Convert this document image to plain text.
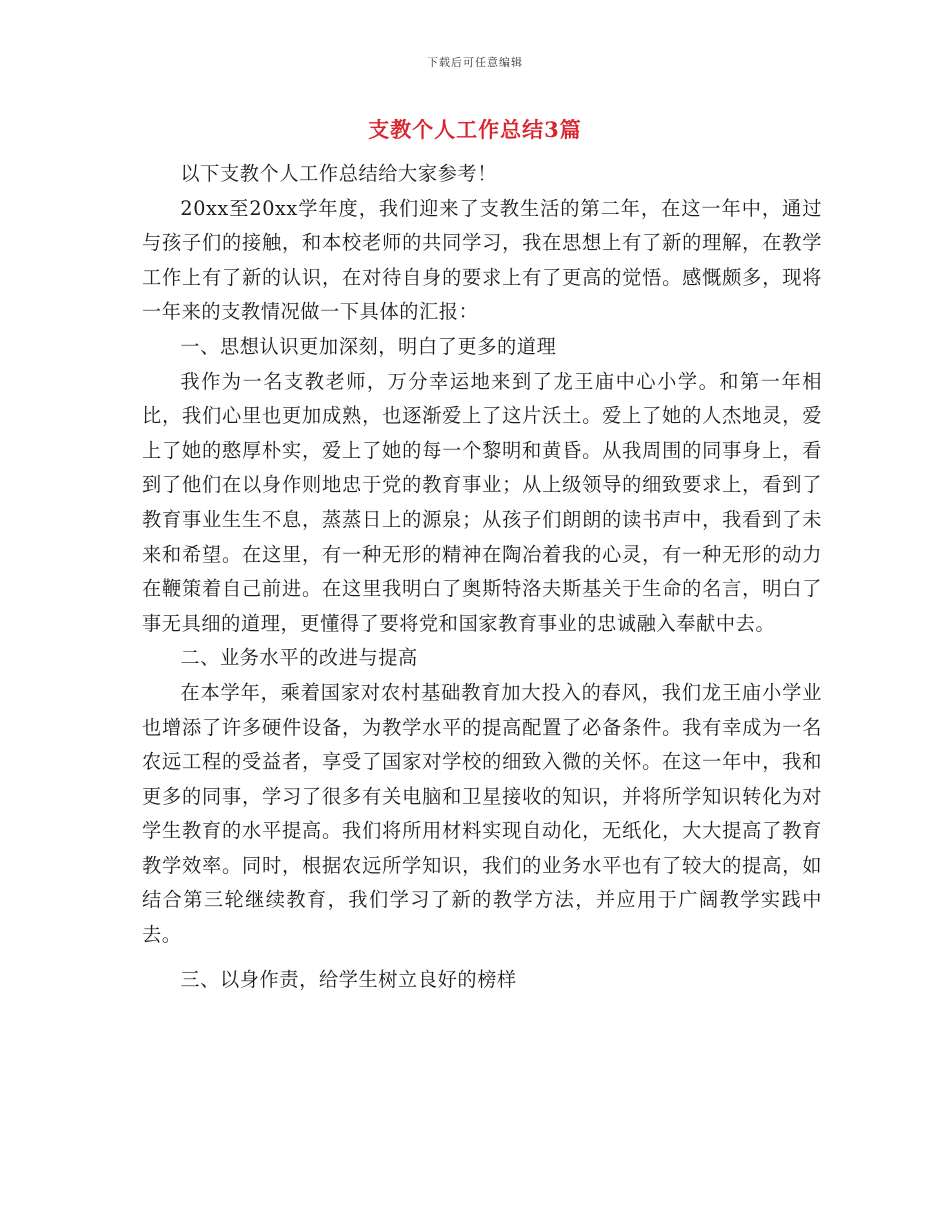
下载后可任意编辑
支教个人工作总结3篇

以下支教个人工作总结给大家参考！

20xx至20xx学年度，我们迎来了支教生活的第二年，在这一年中，通过与孩子们的接触，和本校老师的共同学习，我在思想上有了新的理解，在教学工作上有了新的认识，在对待自身的要求上有了更高的觉悟。感慨颇多，现将一年来的支教情况做一下具体的汇报：

一、思想认识更加深刻，明白了更多的道理

我作为一名支教老师，万分幸运地来到了龙王庙中心小学。和第一年相比，我们心里也更加成熟，也逐渐爱上了这片沃土。爱上了她的人杰地灵，爱上了她的憨厚朴实，爱上了她的每一个黎明和黄昏。从我周围的同事身上，看到了他们在以身作则地忠于党的教育事业；从上级领导的细致要求上，看到了教育事业生生不息，蒸蒸日上的源泉；从孩子们朗朗的读书声中，我看到了未来和希望。在这里，有一种无形的精神在陶冶着我的心灵，有一种无形的动力在鞭策着自己前进。在这里我明白了奥斯特洛夫斯基关于生命的名言，明白了事无具细的道理，更懂得了要将党和国家教育事业的忠诚融入奉献中去。

二、业务水平的改进与提高

在本学年，乘着国家对农村基础教育加大投入的春风，我们龙王庙小学业也增添了许多硬件设备，为教学水平的提高配置了必备条件。我有幸成为一名农远工程的受益者，享受了国家对学校的细致入微的关怀。在这一年中，我和更多的同事，学习了很多有关电脑和卫星接收的知识，并将所学知识转化为对学生教育的水平提高。我们将所用材料实现自动化，无纸化，大大提高了教育教学效率。同时，根据农远所学知识，我们的业务水平也有了较大的提高，如结合第三轮继续教育，我们学习了新的教学方法，并应用于广阔教学实践中去。

三、以身作责，给学生树立良好的榜样
